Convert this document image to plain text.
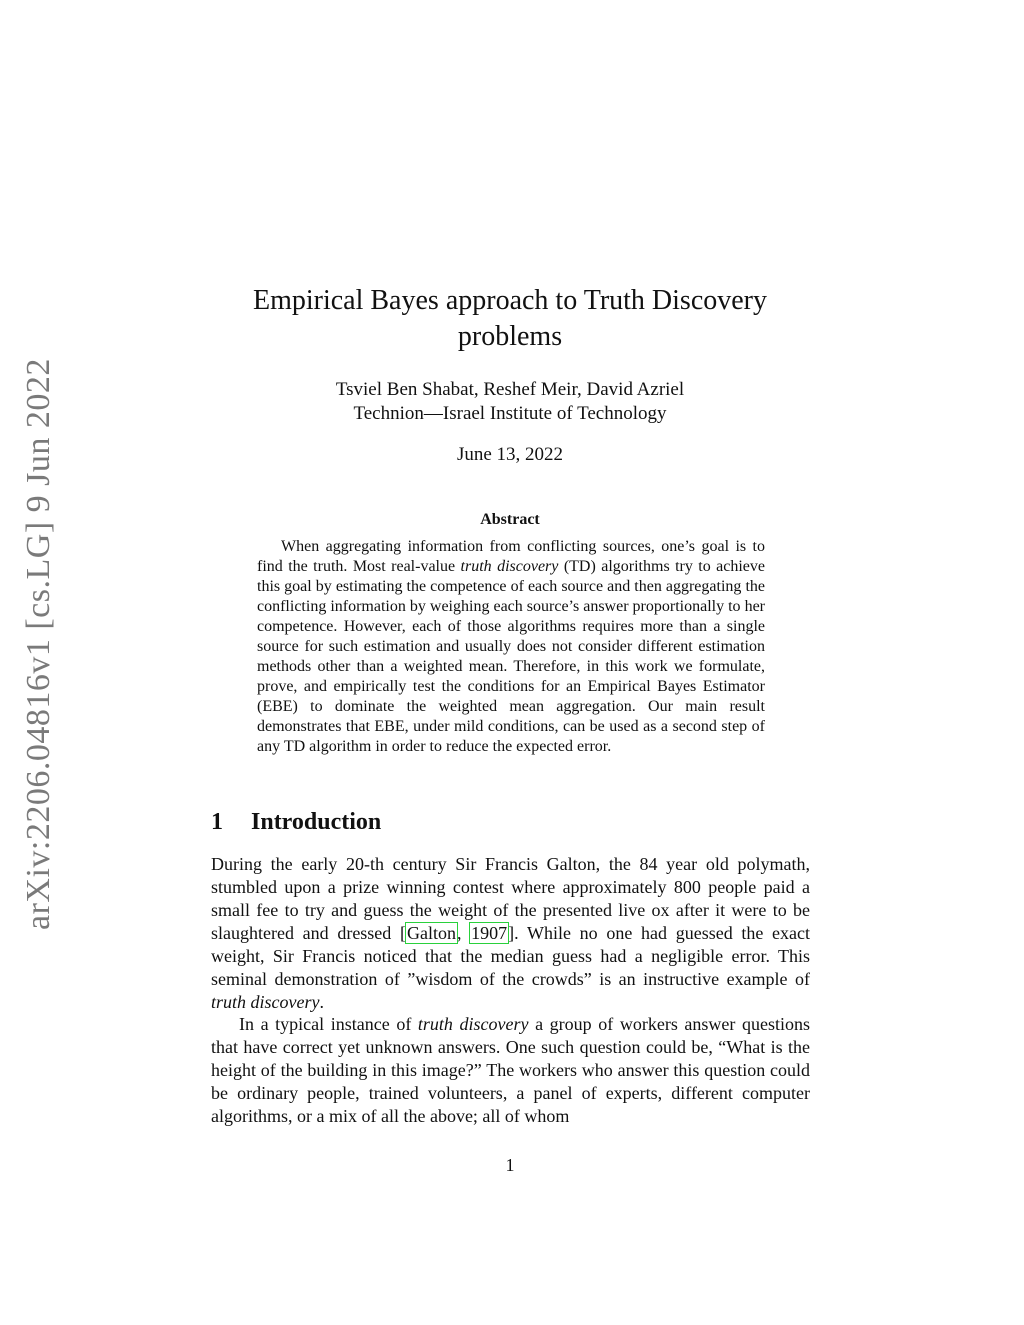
arXiv:2206.04816v1 [cs.LG] 9 Jun 2022
Empirical Bayes approach to Truth Discovery
problems
Tsviel Ben Shabat, Reshef Meir, David Azriel
Technion—Israel Institute of Technology
June 13, 2022
Abstract
When aggregating information from conflicting sources, one’s goal is to find the truth. Most real-value truth discovery (TD) algorithms try to achieve this goal by estimating the competence of each source and then aggregating the conflicting information by weighing each source’s answer proportionally to her competence. However, each of those algorithms requires more than a single source for such estimation and usually does not consider different estimation methods other than a weighted mean. Therefore, in this work we formulate, prove, and empirically test the conditions for an Empirical Bayes Estimator (EBE) to dominate the weighted mean aggregation. Our main result demonstrates that EBE, under mild conditions, can be used as a second step of any TD algorithm in order to reduce the expected error.
1 Introduction
During the early 20-th century Sir Francis Galton, the 84 year old polymath, stumbled upon a prize winning contest where approximately 800 people paid a small fee to try and guess the weight of the presented live ox after it were to be slaughtered and dressed [Galton, 1907]. While no one had guessed the exact weight, Sir Francis noticed that the median guess had a negligible error. This seminal demonstration of ”wisdom of the crowds” is an instructive example of truth discovery.
In a typical instance of truth discovery a group of workers answer questions that have correct yet unknown answers. One such question could be, “What is the height of the building in this image?” The workers who answer this question could be ordinary people, trained volunteers, a panel of experts, different computer algorithms, or a mix of all the above; all of whom
1
